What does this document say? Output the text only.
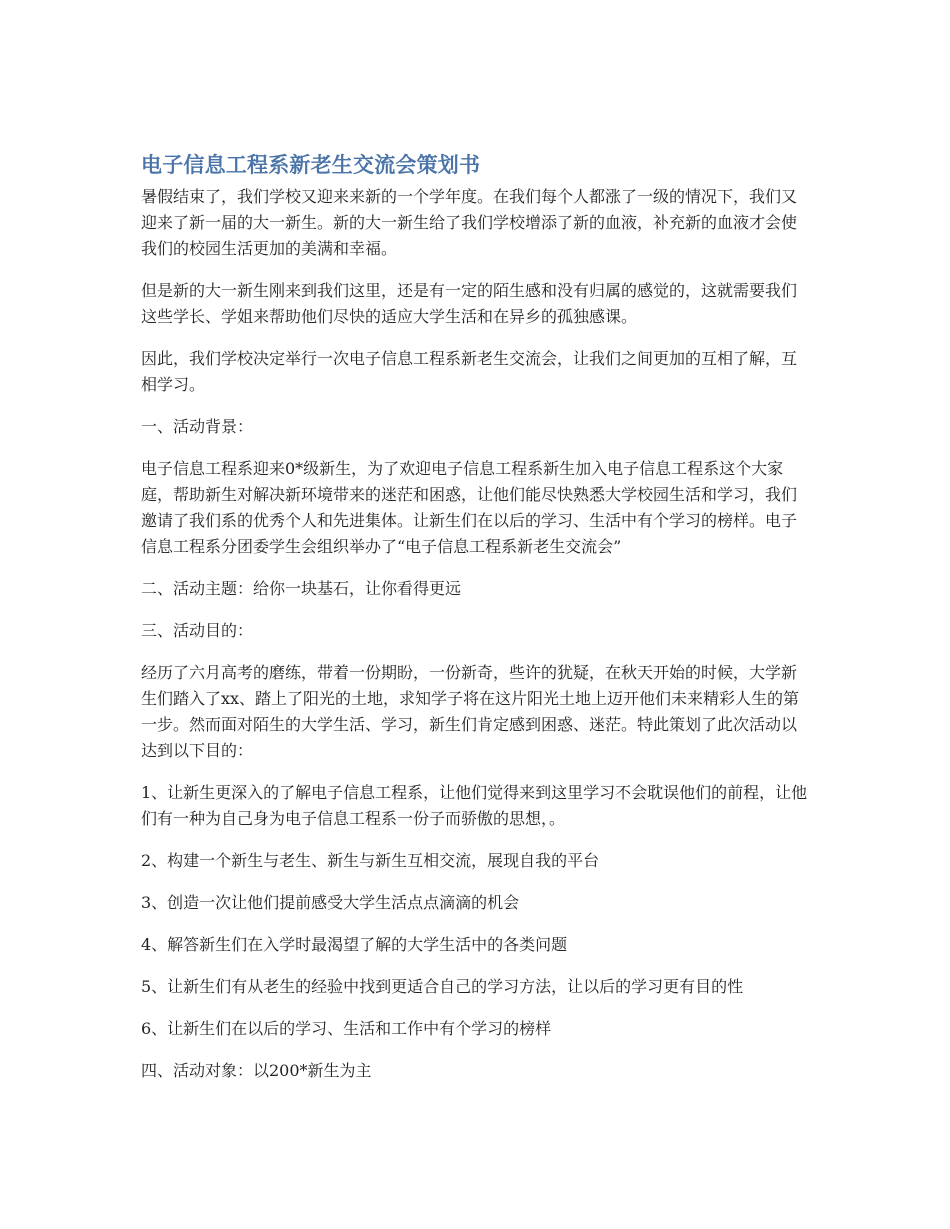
电子信息工程系新老生交流会策划书

暑假结束了，我们学校又迎来来新的一个学年度。在我们每个人都涨了一级的情况下，我们又迎来了新一届的大一新生。新的大一新生给了我们学校增添了新的血液，补充新的血液才会使我们的校园生活更加的美满和幸福。

但是新的大一新生刚来到我们这里，还是有一定的陌生感和没有归属的感觉的，这就需要我们这些学长、学姐来帮助他们尽快的适应大学生活和在异乡的孤独感课。

因此，我们学校决定举行一次电子信息工程系新老生交流会，让我们之间更加的互相了解，互相学习。

一、活动背景：

电子信息工程系迎来0*级新生，为了欢迎电子信息工程系新生加入电子信息工程系这个大家庭，帮助新生对解决新环境带来的迷茫和困惑，让他们能尽快熟悉大学校园生活和学习，我们邀请了我们系的优秀个人和先进集体。让新生们在以后的学习、生活中有个学习的榜样。电子信息工程系分团委学生会组织举办了“电子信息工程系新老生交流会”

二、活动主题：给你一块基石，让你看得更远

三、活动目的：

经历了六月高考的磨练，带着一份期盼，一份新奇，些许的犹疑，在秋天开始的时候，大学新生们踏入了xx、踏上了阳光的土地，求知学子将在这片阳光土地上迈开他们未来精彩人生的第一步。然而面对陌生的大学生活、学习，新生们肯定感到困惑、迷茫。特此策划了此次活动以达到以下目的：

1、让新生更深入的了解电子信息工程系，让他们觉得来到这里学习不会耽误他们的前程，让他们有一种为自己身为电子信息工程系一份子而骄傲的思想，。

2、构建一个新生与老生、新生与新生互相交流，展现自我的平台

3、创造一次让他们提前感受大学生活点点滴滴的机会

4、解答新生们在入学时最渴望了解的大学生活中的各类问题

5、让新生们有从老生的经验中找到更适合自己的学习方法，让以后的学习更有目的性

6、让新生们在以后的学习、生活和工作中有个学习的榜样

四、活动对象：以200*新生为主
